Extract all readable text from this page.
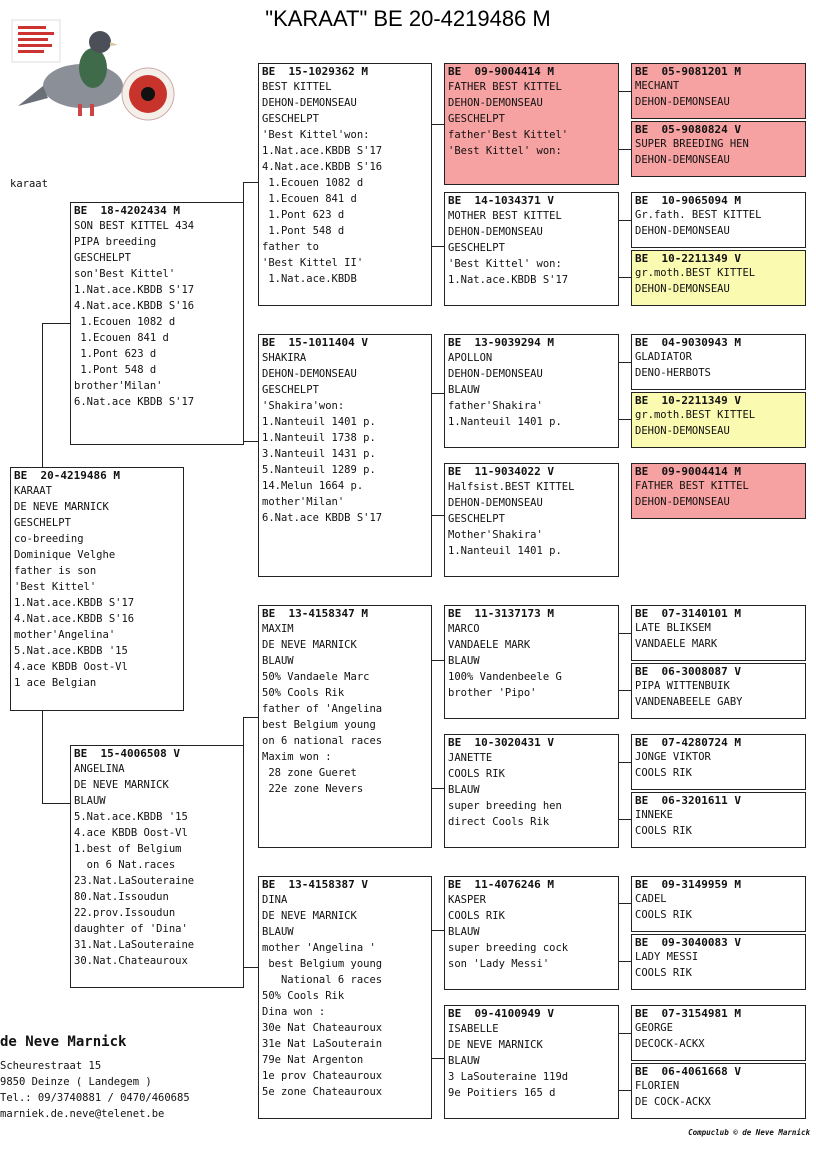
"KARAAT" BE 20-4219486 M
karaat
BE  20-4219486 M
KARAAT
DE NEVE MARNICK
GESCHELPT
co-breeding
Dominique Velghe
father is son
'Best Kittel'
1.Nat.ace.KBDB S'17
4.Nat.ace.KBDB S'16
mother'Angelina'
5.Nat.ace.KBDB '15
4.ace KBDB Oost-Vl
1 ace Belgian
BE  18-4202434 M
SON BEST KITTEL 434
PIPA breeding
GESCHELPT
son'Best Kittel'
1.Nat.ace.KBDB S'17
4.Nat.ace.KBDB S'16
1.Ecouen 1082 d
1.Ecouen 841 d
1.Pont 623 d
1.Pont 548 d
brother'Milan'
6.Nat.ace KBDB S'17
BE  15-4006508 V
ANGELINA
DE NEVE MARNICK
BLAUW
5.Nat.ace.KBDB '15
4.ace KBDB Oost-Vl
1.best of Belgium
on 6 Nat.races
23.Nat.LaSouteraine
80.Nat.Issoudun
22.prov.Issoudun
daughter of 'Dina'
31.Nat.LaSouteraine
30.Nat.Chateauroux
BE  15-1029362 M
BEST KITTEL
DEHON-DEMONSEAU
GESCHELPT
'Best Kittel'won:
1.Nat.ace.KBDB S'17
4.Nat.ace.KBDB S'16
1.Ecouen 1082 d
1.Ecouen 841 d
1.Pont 623 d
1.Pont 548 d
father to
'Best Kittel II'
1.Nat.ace.KBDB
BE  15-1011404 V
SHAKIRA
DEHON-DEMONSEAU
GESCHELPT
'Shakira'won:
1.Nanteuil 1401 p.
1.Nanteuil 1738 p.
3.Nanteuil 1431 p.
5.Nanteuil 1289 p.
14.Melun 1664 p.
mother'Milan'
6.Nat.ace KBDB S'17
BE  13-4158347 M
MAXIM
DE NEVE MARNICK
BLAUW
50% Vandaele Marc
50% Cools Rik
father of 'Angelina
best Belgium young
on 6 national races
Maxim won :
28 zone Gueret
22e zone Nevers
BE  13-4158387 V
DINA
DE NEVE MARNICK
BLAUW
mother 'Angelina '
best Belgium young
National 6 races
50% Cools Rik
Dina won :
30e Nat Chateauroux
31e Nat LaSouterain
79e Nat Argenton
1e prov Chateauroux
5e zone Chateauroux
BE  09-9004414 M
FATHER BEST KITTEL
DEHON-DEMONSEAU
GESCHELPT
father'Best Kittel'
'Best Kittel' won:
BE  14-1034371 V
MOTHER BEST KITTEL
DEHON-DEMONSEAU
GESCHELPT
'Best Kittel' won:
1.Nat.ace.KBDB S'17
BE  13-9039294 M
APOLLON
DEHON-DEMONSEAU
BLAUW
father'Shakira'
1.Nanteuil 1401 p.
BE  11-9034022 V
Halfsist.BEST KITTEL
DEHON-DEMONSEAU
GESCHELPT
Mother'Shakira'
1.Nanteuil 1401 p.
BE  11-3137173 M
MARCO
VANDAELE MARK
BLAUW
100% Vandenbeele G
brother 'Pipo'
BE  10-3020431 V
JANETTE
COOLS RIK
BLAUW
super breeding hen
direct Cools Rik
BE  11-4076246 M
KASPER
COOLS RIK
BLAUW
super breeding cock
son 'Lady Messi'
BE  09-4100949 V
ISABELLE
DE NEVE MARNICK
BLAUW
3 LaSouteraine 119d
9e Poitiers 165 d
BE  05-9081201 M
MECHANT
DEHON-DEMONSEAU
BE  05-9080824 V
SUPER BREEDING HEN
DEHON-DEMONSEAU
BE  10-9065094 M
Gr.fath. BEST KITTEL
DEHON-DEMONSEAU
BE  10-2211349 V
gr.moth.BEST KITTEL
DEHON-DEMONSEAU
BE  04-9030943 M
GLADIATOR
DENO-HERBOTS
BE  10-2211349 V
gr.moth.BEST KITTEL
DEHON-DEMONSEAU
BE  09-9004414 M
FATHER BEST KITTEL
DEHON-DEMONSEAU
BE  07-3140101 M
LATE BLIKSEM
VANDAELE MARK
BE  06-3008087 V
PIPA WITTENBUIK
VANDENABEELE GABY
BE  07-4280724 M
JONGE VIKTOR
COOLS RIK
BE  06-3201611 V
INNEKE
COOLS RIK
BE  09-3149959 M
CADEL
COOLS RIK
BE  09-3040083 V
LADY MESSI
COOLS RIK
BE  07-3154981 M
GEORGE
DECOCK-ACKX
BE  06-4061668 V
FLORIEN
DE COCK-ACKX
de Neve Marnick
Scheurestraat 15
9850 Deinze ( Landegem )
Tel.: 09/3740881 / 0470/460685
marniek.de.neve@telenet.be
Compuclub © de Neve Marnick
